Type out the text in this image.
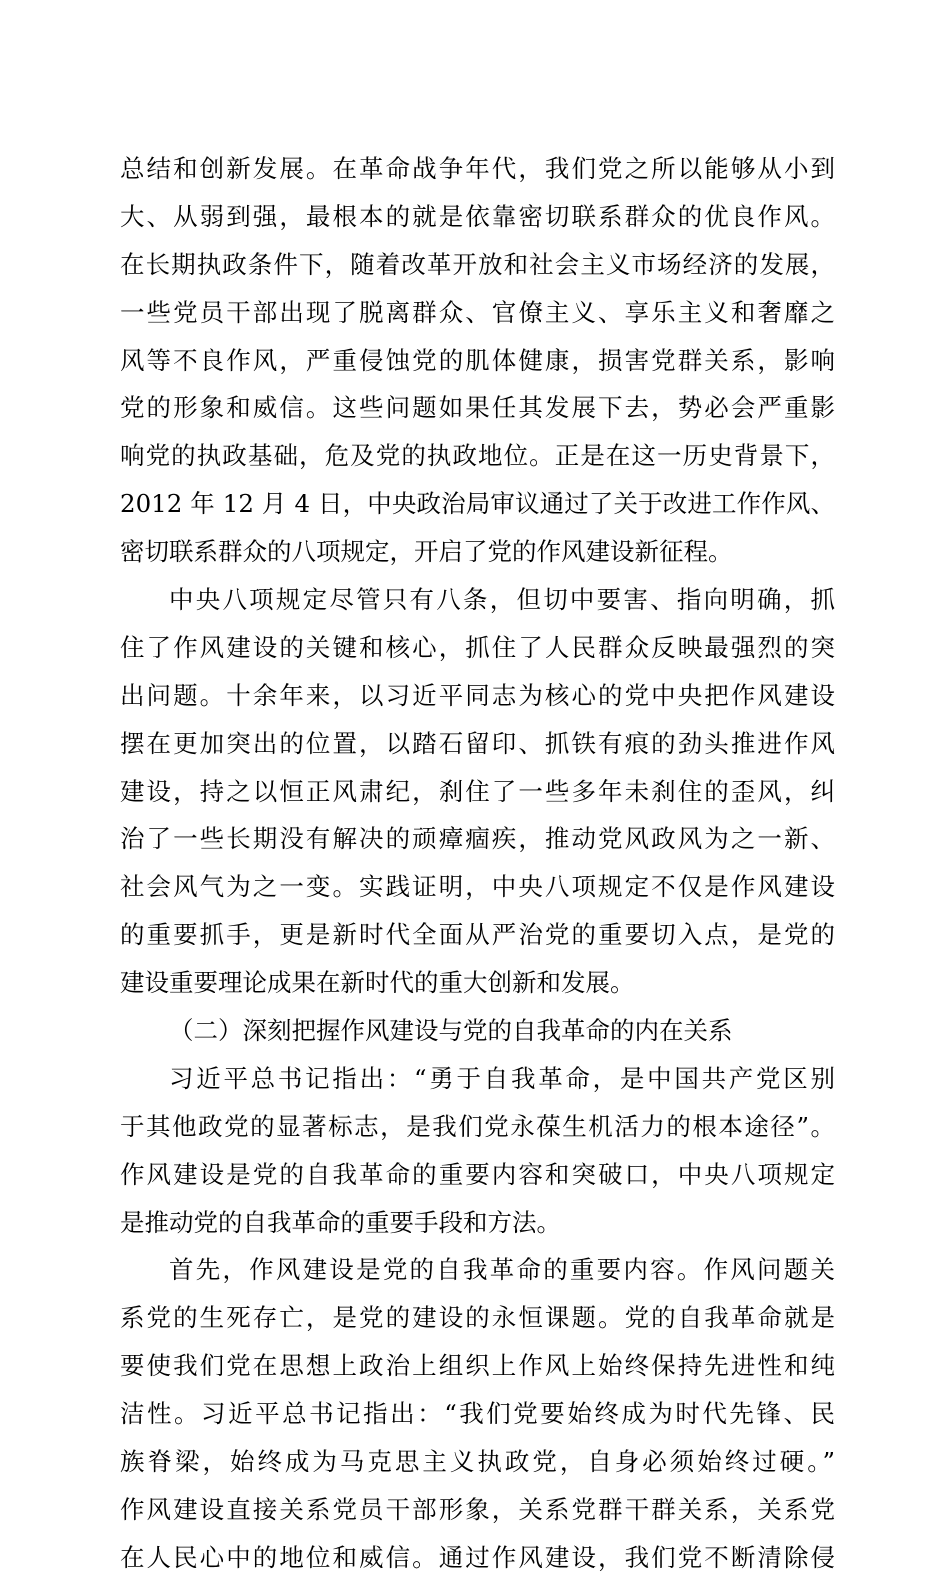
总结和创新发展。在革命战争年代，我们党之所以能够从小到
大、从弱到强，最根本的就是依靠密切联系群众的优良作风。
在长期执政条件下，随着改革开放和社会主义市场经济的发展，
一些党员干部出现了脱离群众、官僚主义、享乐主义和奢靡之
风等不良作风，严重侵蚀党的肌体健康，损害党群关系，影响
党的形象和威信。这些问题如果任其发展下去，势必会严重影
响党的执政基础，危及党的执政地位。正是在这一历史背景下，
2012 年 12 月 4 日，中央政治局审议通过了关于改进工作作风、
密切联系群众的八项规定，开启了党的作风建设新征程。
中央八项规定尽管只有八条，但切中要害、指向明确，抓
住了作风建设的关键和核心，抓住了人民群众反映最强烈的突
出问题。十余年来，以习近平同志为核心的党中央把作风建设
摆在更加突出的位置，以踏石留印、抓铁有痕的劲头推进作风
建设，持之以恒正风肃纪，刹住了一些多年未刹住的歪风，纠
治了一些长期没有解决的顽瘴痼疾，推动党风政风为之一新、
社会风气为之一变。实践证明，中央八项规定不仅是作风建设
的重要抓手，更是新时代全面从严治党的重要切入点，是党的
建设重要理论成果在新时代的重大创新和发展。
（二）深刻把握作风建设与党的自我革命的内在关系
习近平总书记指出：“勇于自我革命，是中国共产党区别
于其他政党的显著标志，是我们党永葆生机活力的根本途径”。
作风建设是党的自我革命的重要内容和突破口，中央八项规定
是推动党的自我革命的重要手段和方法。
首先，作风建设是党的自我革命的重要内容。作风问题关
系党的生死存亡，是党的建设的永恒课题。党的自我革命就是
要使我们党在思想上政治上组织上作风上始终保持先进性和纯
洁性。习近平总书记指出：“我们党要始终成为时代先锋、民
族脊梁，始终成为马克思主义执政党，自身必须始终过硬。”
作风建设直接关系党员干部形象，关系党群干群关系，关系党
在人民心中的地位和威信。通过作风建设，我们党不断清除侵
